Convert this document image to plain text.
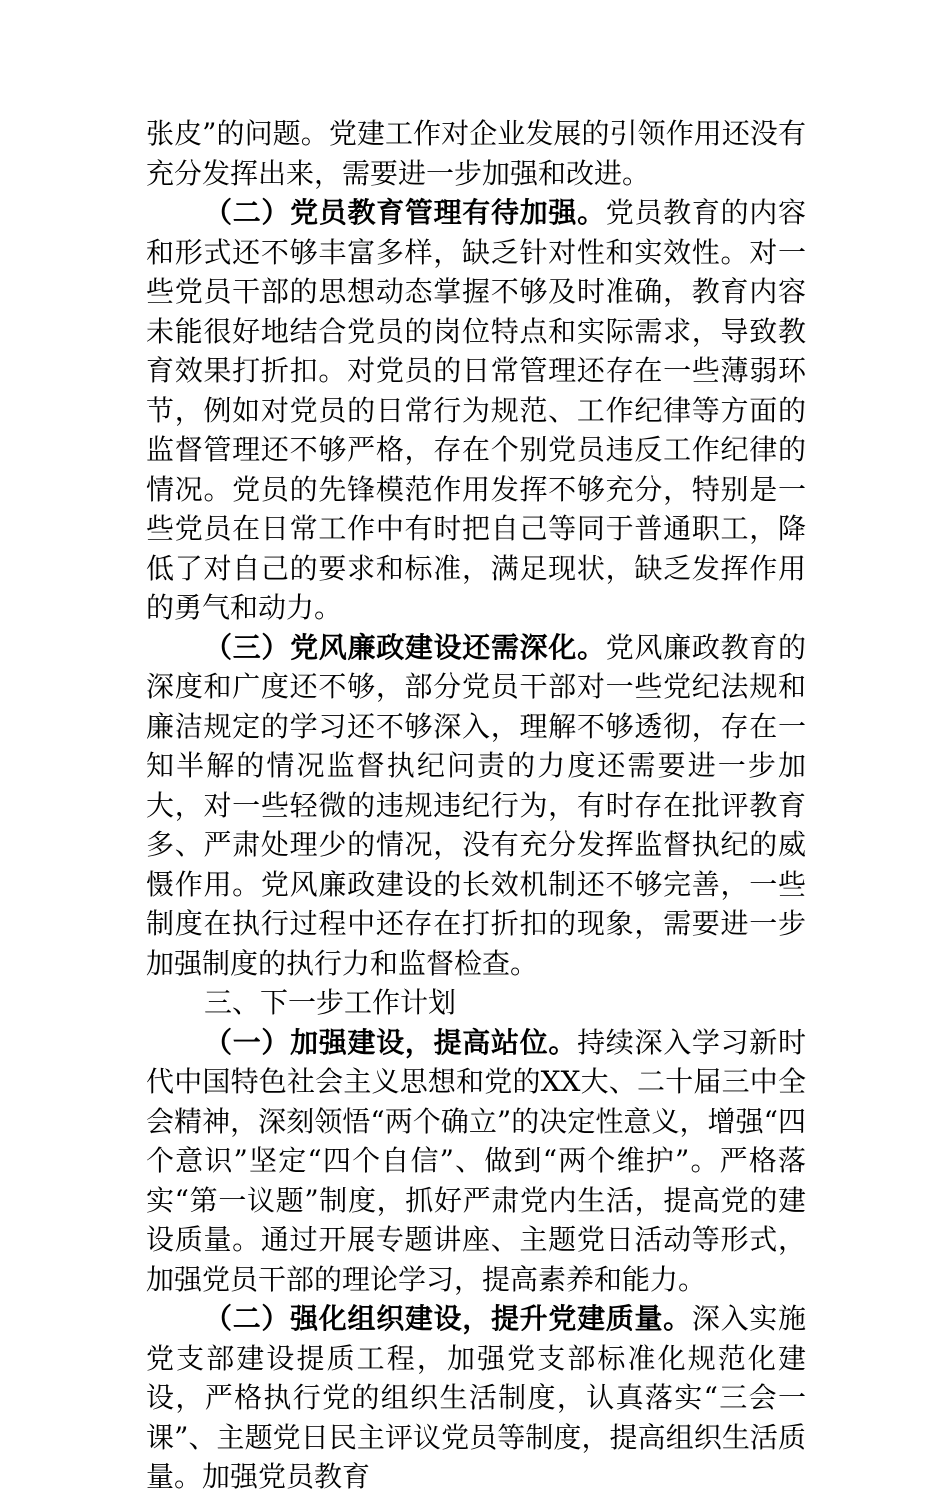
张皮”的问题。党建工作对企业发展的引领作用还没有充分发挥出来，需要进一步加强和改进。

（二）党员教育管理有待加强。党员教育的内容和形式还不够丰富多样，缺乏针对性和实效性。对一些党员干部的思想动态掌握不够及时准确，教育内容未能很好地结合党员的岗位特点和实际需求，导致教育效果打折扣。对党员的日常管理还存在一些薄弱环节，例如对党员的日常行为规范、工作纪律等方面的监督管理还不够严格，存在个别党员违反工作纪律的情况。党员的先锋模范作用发挥不够充分，特别是一些党员在日常工作中有时把自己等同于普通职工，降低了对自己的要求和标准，满足现状，缺乏发挥作用的勇气和动力。

（三）党风廉政建设还需深化。党风廉政教育的深度和广度还不够，部分党员干部对一些党纪法规和廉洁规定的学习还不够深入，理解不够透彻，存在一知半解的情况监督执纪问责的力度还需要进一步加大，对一些轻微的违规违纪行为，有时存在批评教育多、严肃处理少的情况，没有充分发挥监督执纪的威慑作用。党风廉政建设的长效机制还不够完善，一些制度在执行过程中还存在打折扣的现象，需要进一步加强制度的执行力和监督检查。

三、下一步工作计划

（一）加强建设，提高站位。持续深入学习新时代中国特色社会主义思想和党的XX大、二十届三中全会精神，深刻领悟“两个确立”的决定性意义，增强“四个意识”坚定“四个自信”、做到“两个维护”。严格落实“第一议题”制度，抓好严肃党内生活，提高党的建设质量。通过开展专题讲座、主题党日活动等形式，加强党员干部的理论学习，提高素养和能力。

（二）强化组织建设，提升党建质量。深入实施党支部建设提质工程，加强党支部标准化规范化建设，严格执行党的组织生活制度，认真落实“三会一课”、主题党日民主评议党员等制度，提高组织生活质量。加强党员教育
